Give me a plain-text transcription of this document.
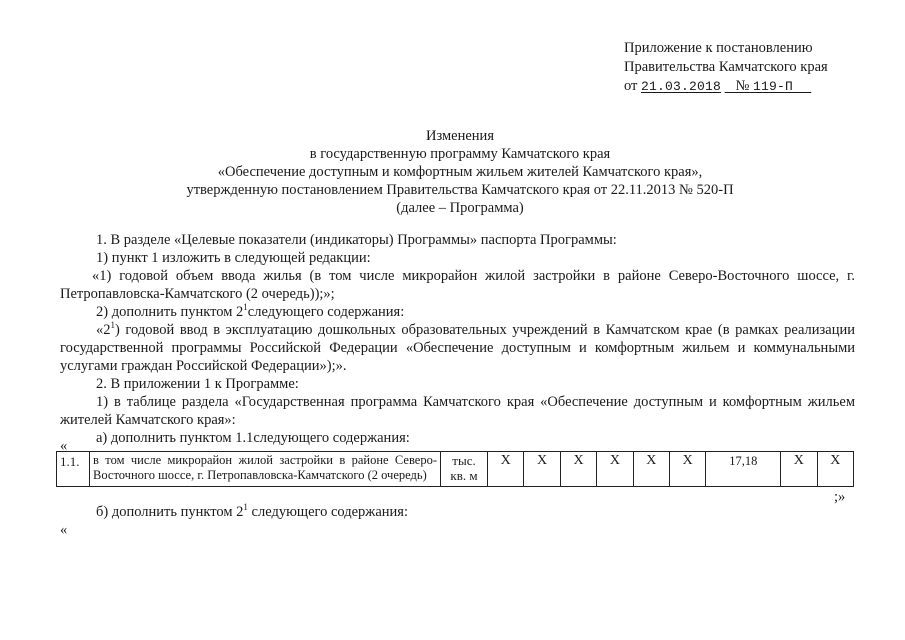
Приложение к постановлению
Правительства Камчатского края
от 21.03.2018 № 119-П
Изменения
в государственную программу Камчатского края
«Обеспечение доступным и комфортным жильем жителей Камчатского края»,
утвержденную постановлением Правительства Камчатского края от 22.11.2013 № 520-П
(далее – Программа)
1. В разделе «Целевые показатели (индикаторы) Программы» паспорта Программы:
1) пункт 1 изложить в следующей редакции:
«1) годовой объем ввода жилья (в том числе микрорайон жилой застройки в районе Северо-Восточного шоссе, г. Петропавловска-Камчатского (2 очередь));»;
2) дополнить пунктом $2^1следующего$ содержания:
«$2^1$) годовой ввод в эксплуатацию дошкольных образовательных учреждений в Камчатском крае (в рамках реализации государственной программы Российской Федерации «Обеспечение доступным и комфортным жильем и коммунальными услугами граждан Российской Федерации»);».
2. В приложении 1 к Программе:
1) в таблице раздела «Государственная программа Камчатского края «Обеспечение доступным и комфортным жильем жителей Камчатского края»:
а) дополнить пунктом 1.1следующего содержания:
«
1.1.	в том числе микрорайон жилой застройки в районе Северо-Восточного шоссе, г. Петропавловска-Камчатского (2 очередь)	тыс. кв. м	Х	Х	Х	Х	Х	Х	17,18	Х	Х
;»
б) дополнить пунктом $2^1$ следующего содержания:
«
